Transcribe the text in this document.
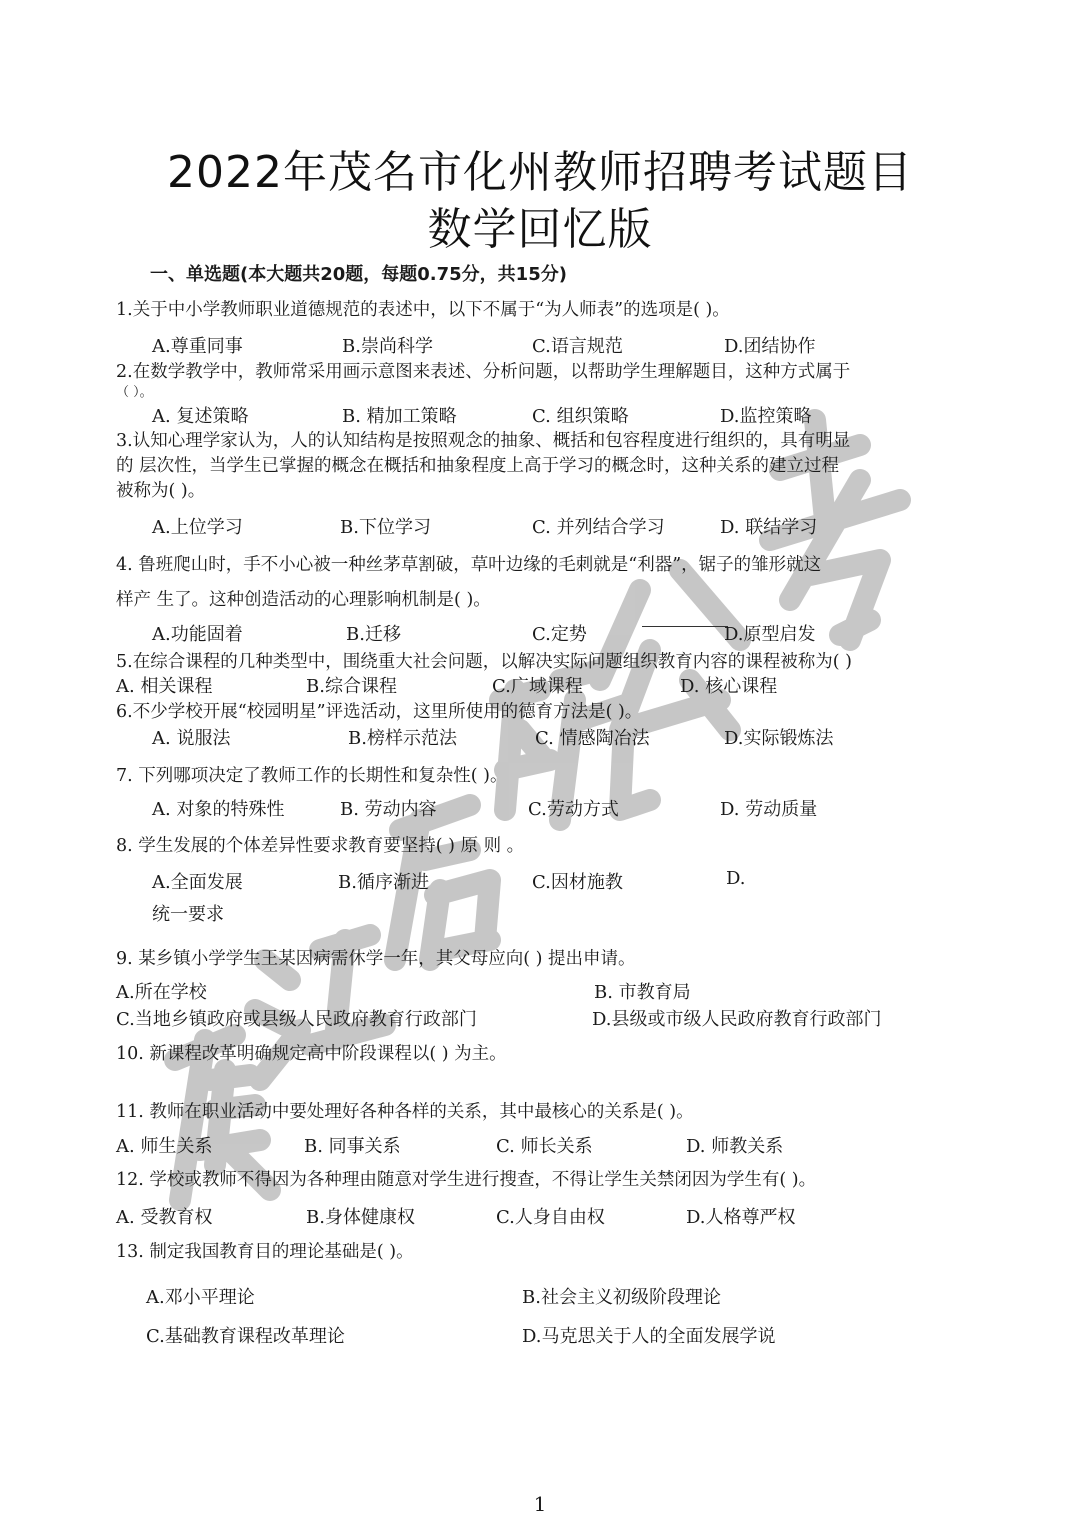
2022年茂名市化州教师招聘考试题目
数学回忆版
一、单选题(本大题共20题，每题0.75分，共15分)
1.关于中小学教师职业道德规范的表述中，以下不属于“为人师表”的选项是( )。
A.尊重同事	B.崇尚科学	C.语言规范	D.团结协作
2.在数学教学中，教师常采用画示意图来表述、分析问题，以帮助学生理解题目，这种方式属于
（ ）。
A. 复述策略	B. 精加工策略	C. 组织策略	D.监控策略
3.认知心理学家认为，人的认知结构是按照观念的抽象、概括和包容程度进行组织的，具有明显
的 层次性，当学生已掌握的概念在概括和抽象程度上高于学习的概念时，这种关系的建立过程
被称为( )。
A.上位学习	B.下位学习	C. 并列结合学习	D. 联结学习
4. 鲁班爬山时，手不小心被一种丝茅草割破，草叶边缘的毛刺就是“利器”，锯子的雏形就这
样产 生了。这种创造活动的心理影响机制是( )。
A.功能固着	B.迁移	C.定势	D.原型启发
5.在综合课程的几种类型中，围绕重大社会问题，以解决实际问题组织教育内容的课程被称为( )
A. 相关课程	B.综合课程	C.广域课程	D. 核心课程
6.不少学校开展“校园明星”评选活动，这里所使用的德育方法是( )。
A. 说服法	B.榜样示范法	C. 情感陶冶法	D.实际锻炼法
7. 下列哪项决定了教师工作的长期性和复杂性( )。
A. 对象的特殊性	B. 劳动内容	C.劳动方式	D. 劳动质量
8. 学生发展的个体差异性要求教育要坚持( ) 原 则 。
A.全面发展	B.循序渐进	C.因材施教	D.
统一要求
9. 某乡镇小学学生王某因病需休学一年，其父母应向( ) 提出申请。
A.所在学校	B. 市教育局
C.当地乡镇政府或县级人民政府教育行政部门	D.县级或市级人民政府教育行政部门
10. 新课程改革明确规定高中阶段课程以( ) 为主。
11. 教师在职业活动中要处理好各种各样的关系，其中最核心的关系是( )。
A. 师生关系	B. 同事关系	C. 师长关系	D. 师教关系
12. 学校或教师不得因为各种理由随意对学生进行搜查，不得让学生关禁闭因为学生有( )。
A. 受教育权	B.身体健康权	C.人身自由权	D.人格尊严权
13. 制定我国教育目的理论基础是( )。
A.邓小平理论	B.社会主义初级阶段理论
C.基础教育课程改革理论	D.马克思关于人的全面发展学说
1
